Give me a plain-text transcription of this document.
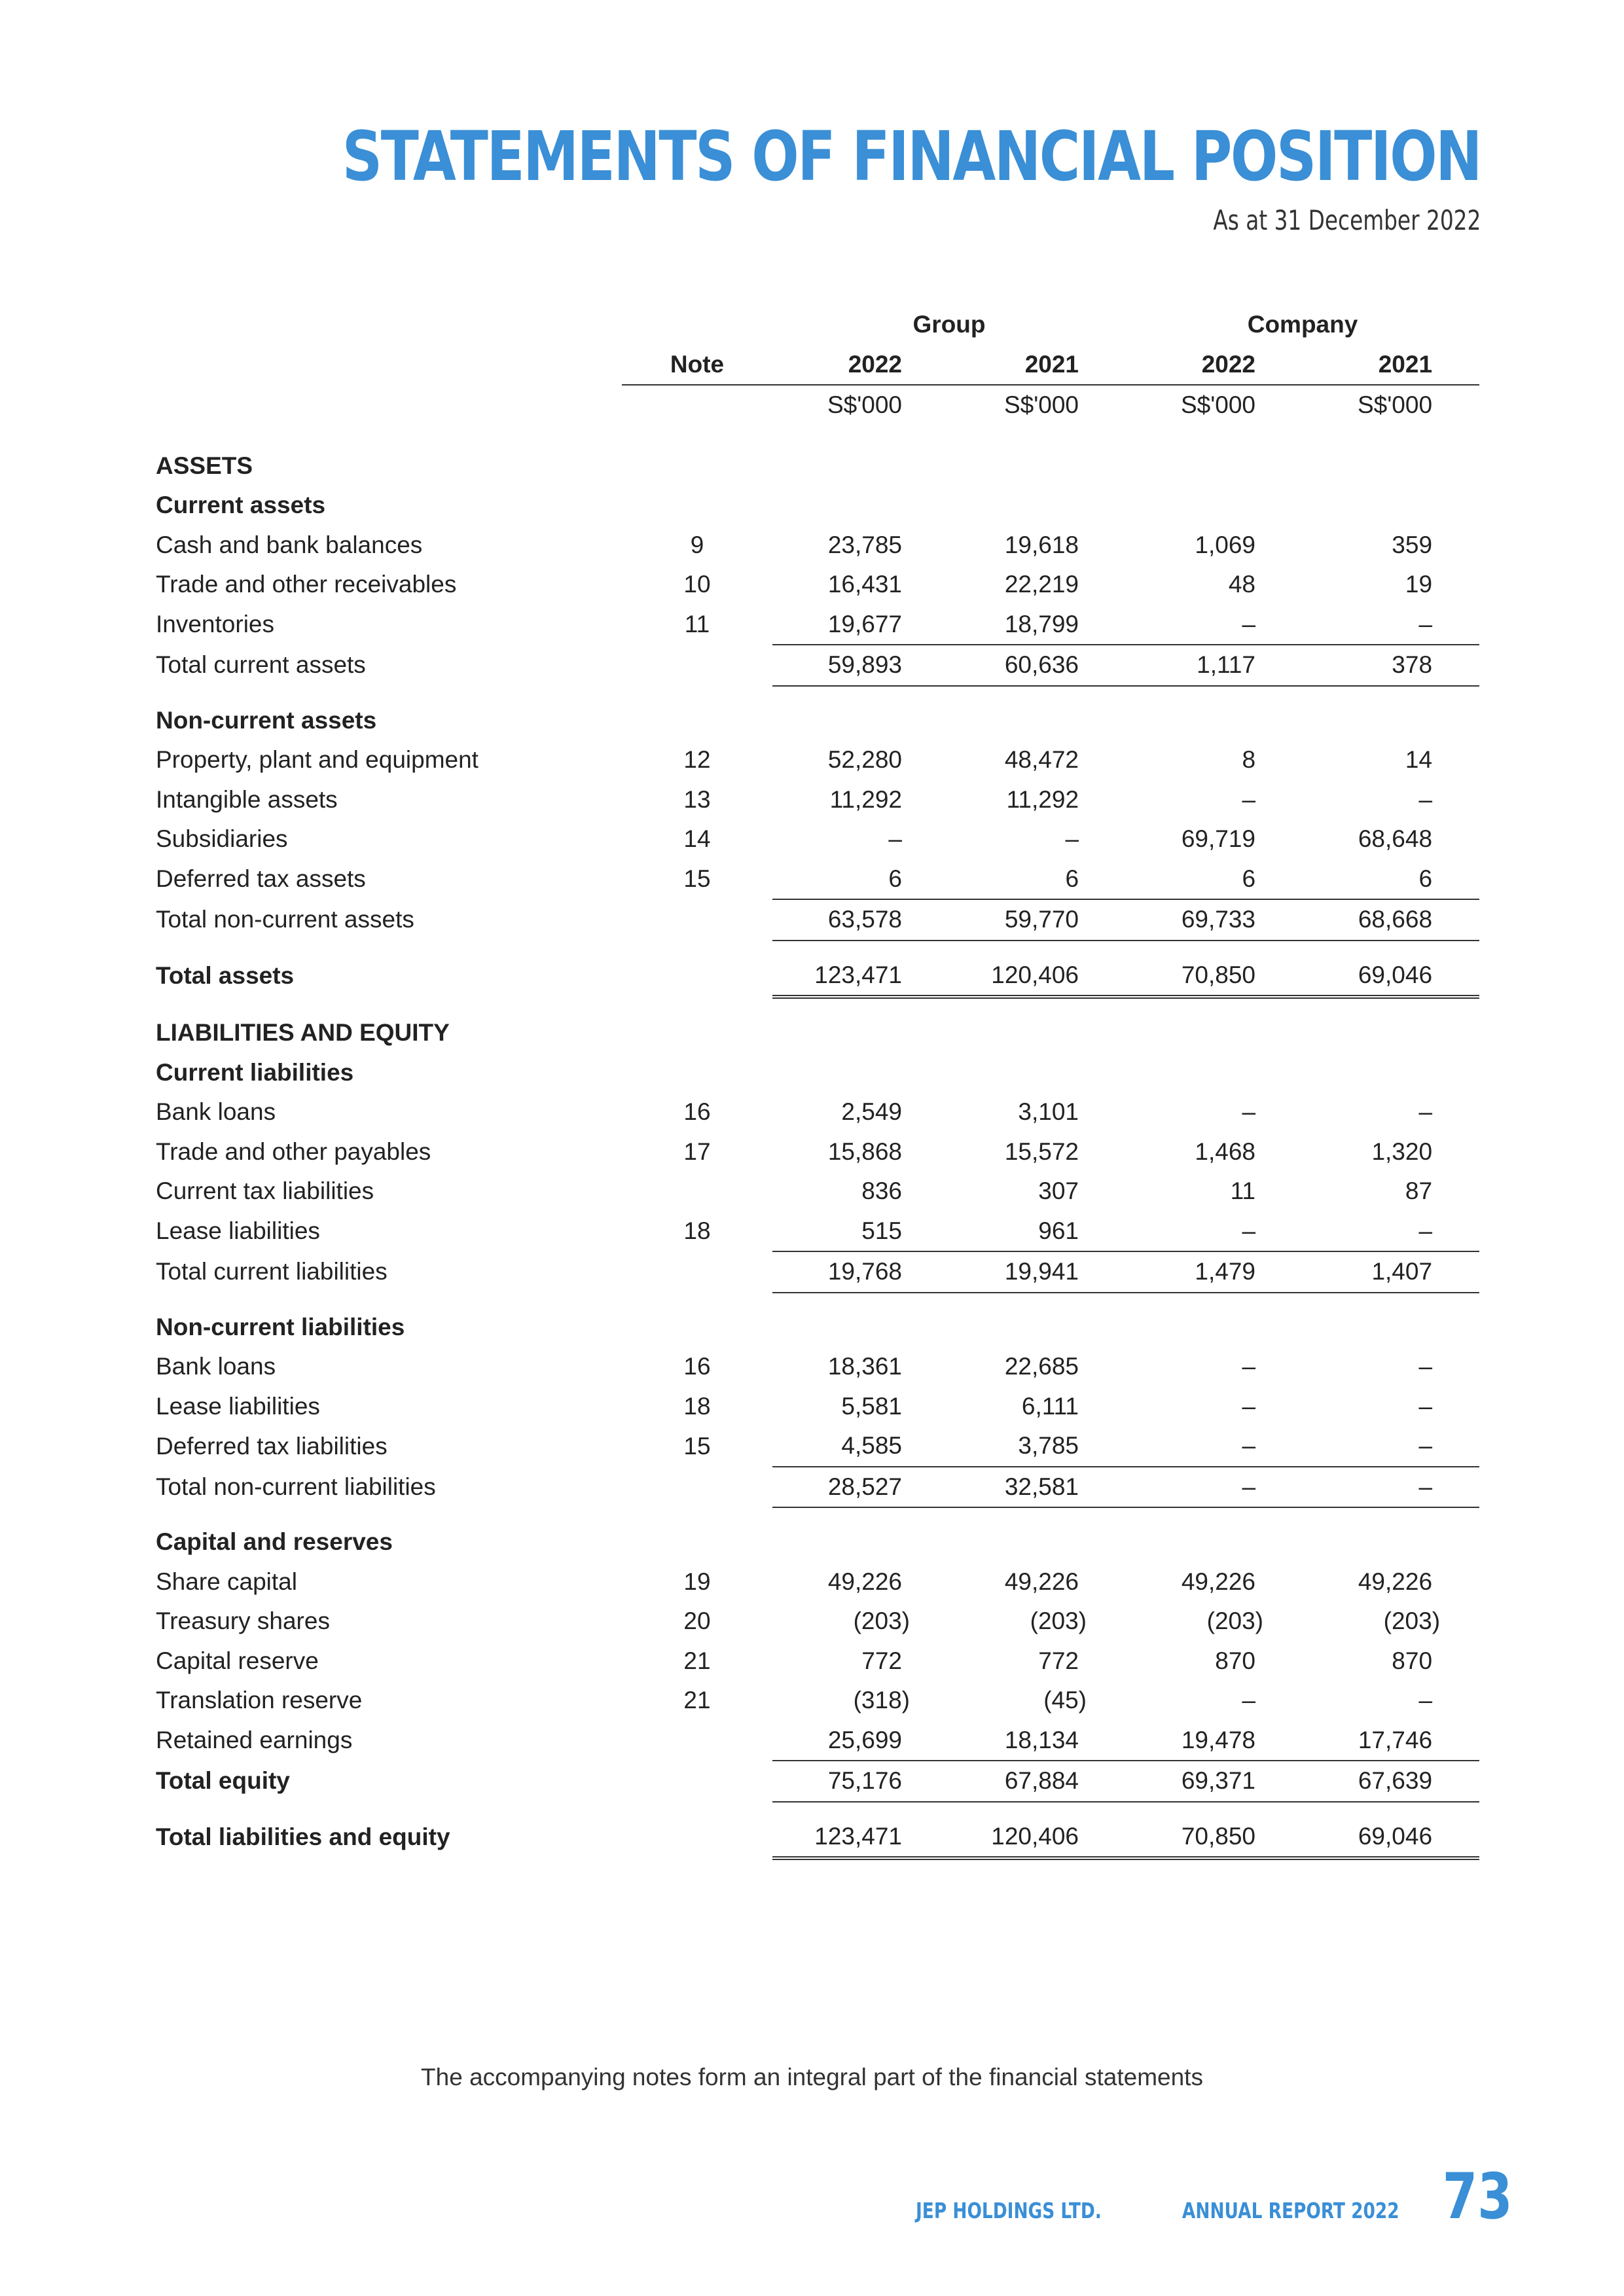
STATEMENTS OF FINANCIAL POSITION
As at 31 December 2022
		Group		Company	
	Note	2022	2021	2022	2021
		S$'000	S$'000	S$'000	S$'000

ASSETS					
Current assets					
Cash and bank balances	9	23,785	19,618	1,069	359
Trade and other receivables	10	16,431	22,219	48	19
Inventories	11	19,677	18,799	–	–
Total current assets		59,893	60,636	1,117	378

Non-current assets					
Property, plant and equipment	12	52,280	48,472	8	14
Intangible assets	13	11,292	11,292	–	–
Subsidiaries	14	–	–	69,719	68,648
Deferred tax assets	15	6	6	6	6
Total non-current assets		63,578	59,770	69,733	68,668

Total assets		123,471	120,406	70,850	69,046

LIABILITIES AND EQUITY					
Current liabilities					
Bank loans	16	2,549	3,101	–	–
Trade and other payables	17	15,868	15,572	1,468	1,320
Current tax liabilities		836	307	11	87
Lease liabilities	18	515	961	–	–
Total current liabilities		19,768	19,941	1,479	1,407

Non-current liabilities					
Bank loans	16	18,361	22,685	–	–
Lease liabilities	18	5,581	6,111	–	–
Deferred tax liabilities	15	4,585	3,785	–	–
Total non-current liabilities		28,527	32,581	–	–

Capital and reserves					
Share capital	19	49,226	49,226	49,226	49,226
Treasury shares	20	(203)	(203)	(203)	(203)
Capital reserve	21	772	772	870	870
Translation reserve	21	(318)	(45)	–	–
Retained earnings		25,699	18,134	19,478	17,746
Total equity		75,176	67,884	69,371	67,639

Total liabilities and equity		123,471	120,406	70,850	69,046
The accompanying notes form an integral part of the financial statements
JEP HOLDINGS LTD.	ANNUAL REPORT 2022 73
